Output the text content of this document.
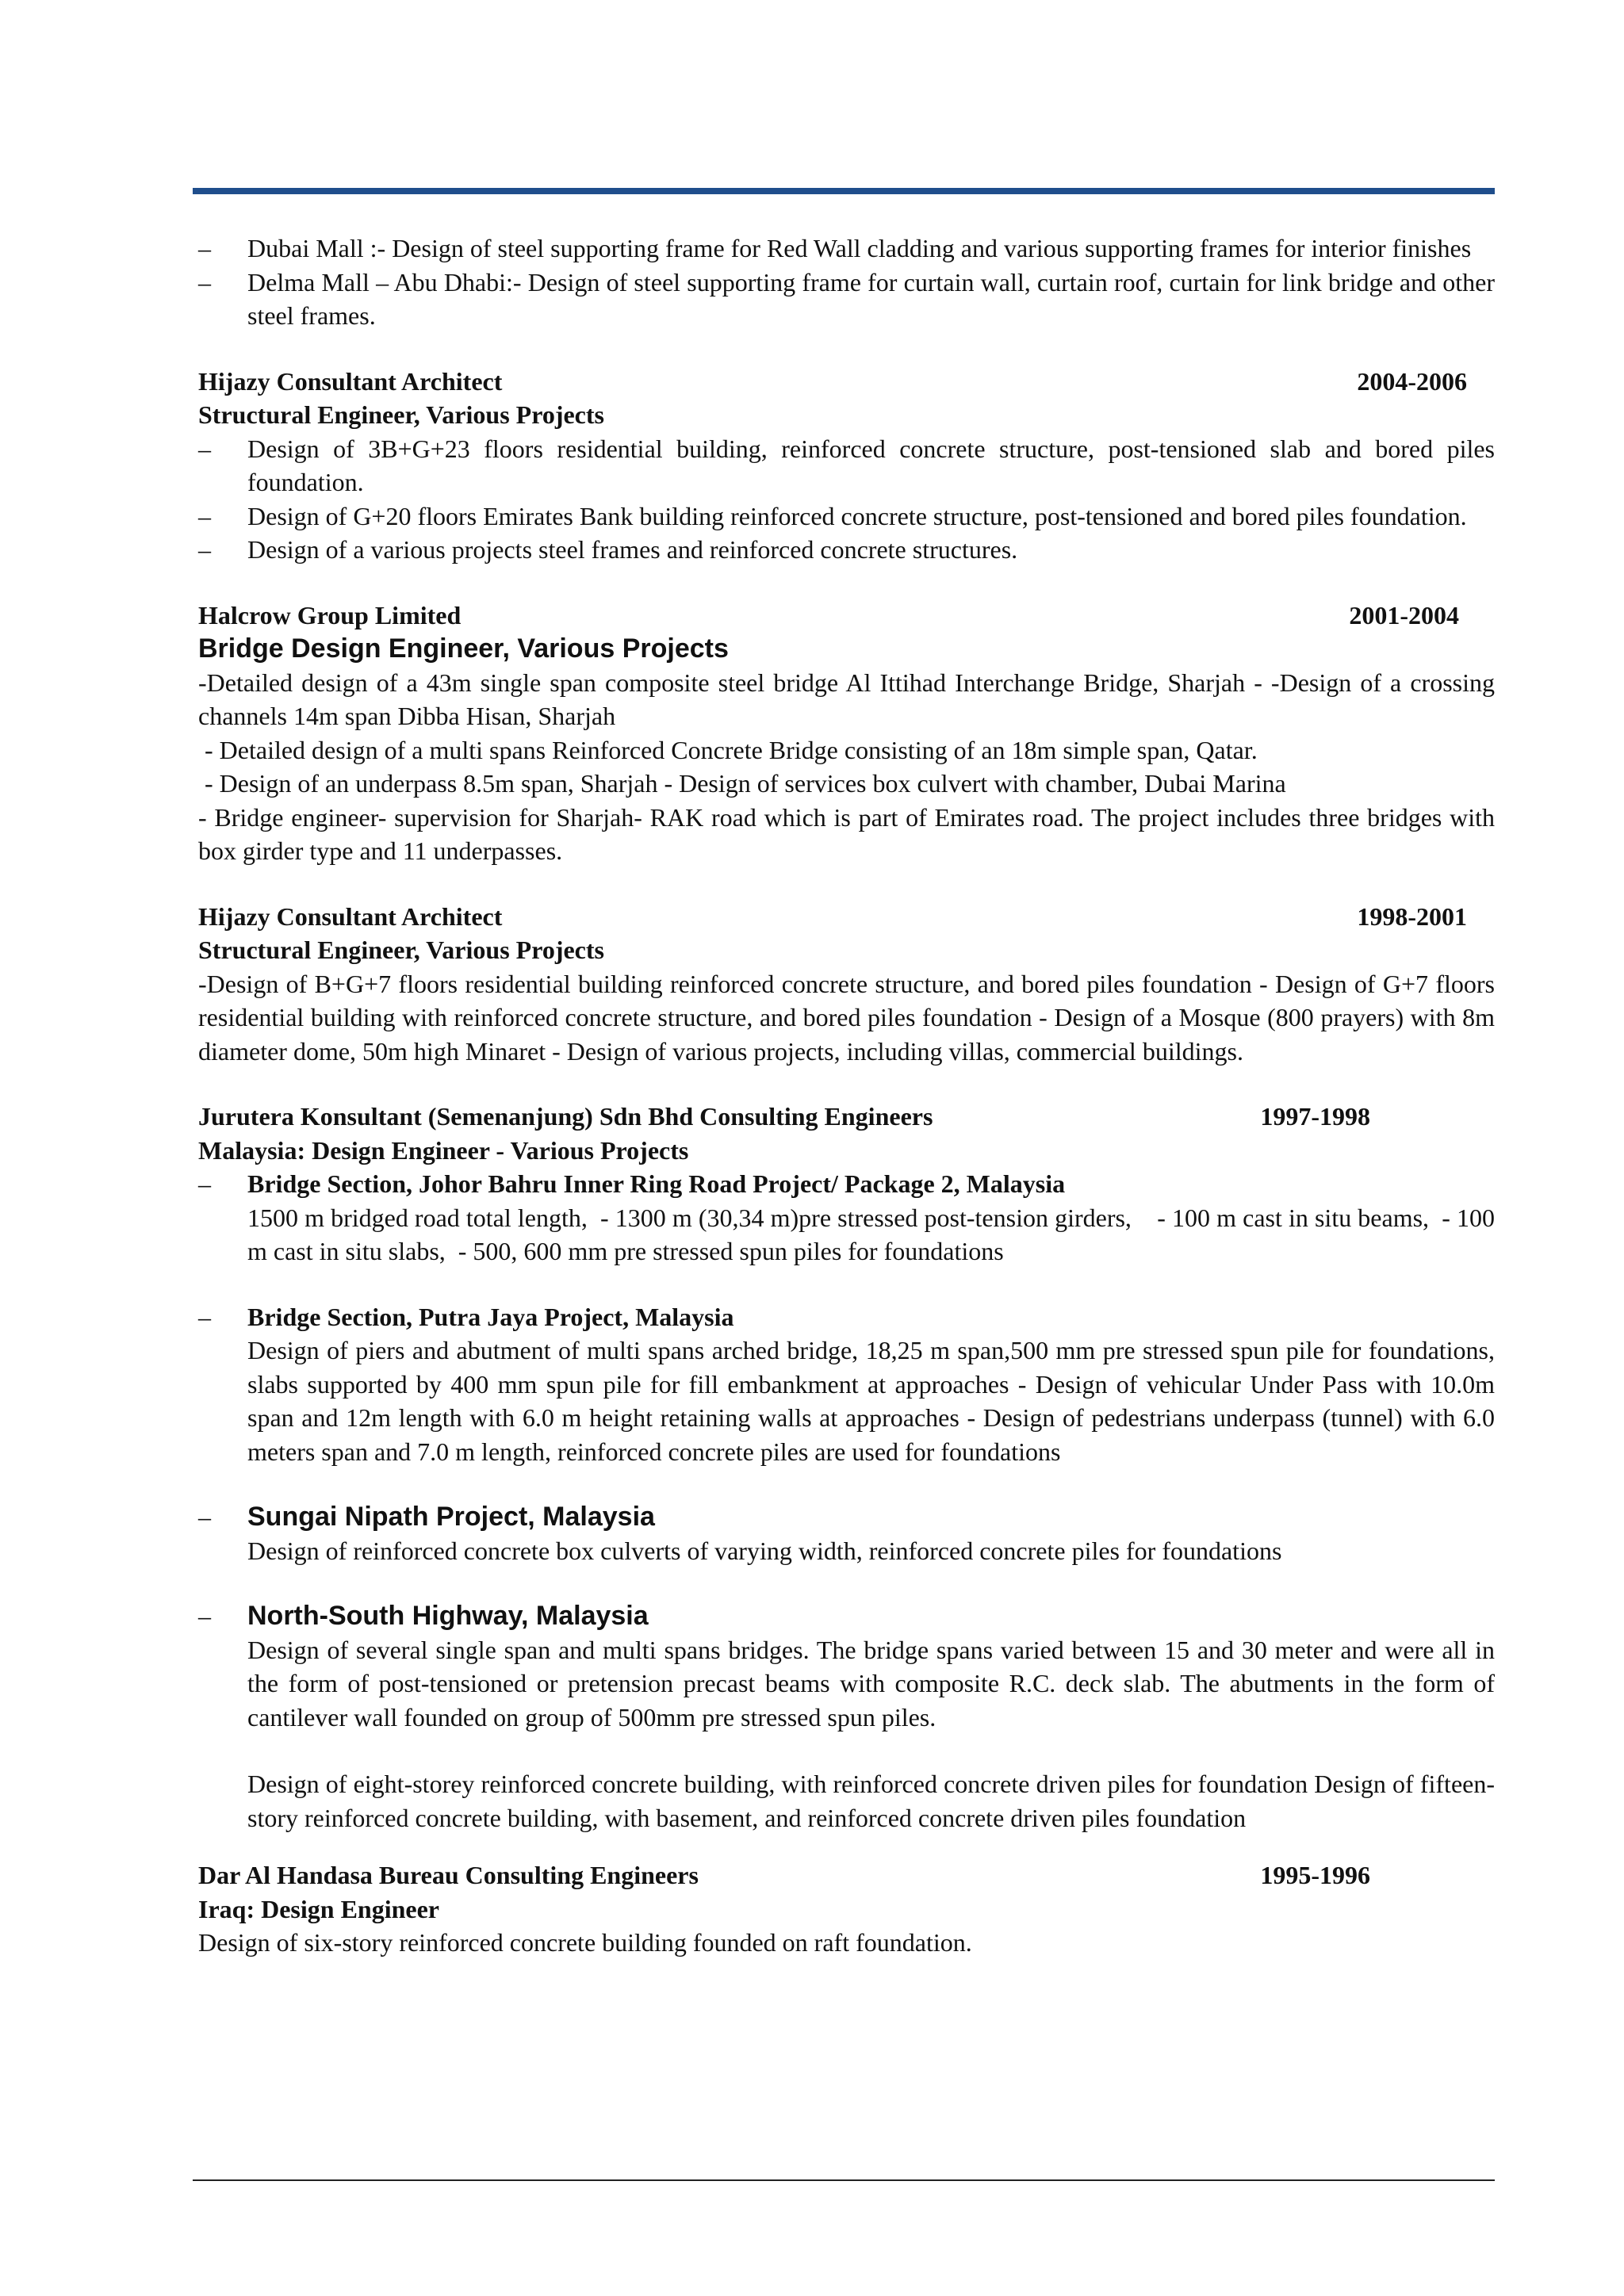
– Dubai Mall :- Design of steel supporting frame for Red Wall cladding and various supporting frames for interior finishes
– Delma Mall – Abu Dhabi:- Design of steel supporting frame for curtain wall, curtain roof, curtain for link bridge and other steel frames.
Hijazy Consultant Architect	2004-2006
Structural Engineer, Various Projects
– Design of 3B+G+23 floors residential building, reinforced concrete structure, post-tensioned slab and bored piles foundation.
– Design of G+20 floors Emirates Bank building reinforced concrete structure, post-tensioned and bored piles foundation.
– Design of a various projects steel frames and reinforced concrete structures.
Halcrow Group Limited	2001-2004
Bridge Design Engineer, Various Projects
-Detailed design of a 43m single span composite steel bridge Al Ittihad Interchange Bridge, Sharjah - -Design of a crossing channels 14m span Dibba Hisan, Sharjah
- Detailed design of a multi spans Reinforced Concrete Bridge consisting of an 18m simple span, Qatar.
- Design of an underpass 8.5m span, Sharjah - Design of services box culvert with chamber, Dubai Marina
- Bridge engineer- supervision for Sharjah- RAK road which is part of Emirates road. The project includes three bridges with box girder type and 11 underpasses.
Hijazy Consultant Architect	1998-2001
Structural Engineer, Various Projects
-Design of B+G+7 floors residential building reinforced concrete structure, and bored piles foundation - Design of G+7 floors residential building with reinforced concrete structure, and bored piles foundation - Design of a Mosque (800 prayers) with 8m diameter dome, 50m high Minaret - Design of various projects, including villas, commercial buildings.
Jurutera Konsultant (Semenanjung) Sdn Bhd Consulting Engineers	1997-1998
Malaysia: Design Engineer - Various Projects
– Bridge Section, Johor Bahru Inner Ring Road Project/ Package 2, Malaysia
1500 m bridged road total length,  - 1300 m (30,34 m)pre stressed post-tension girders,    - 100 m cast in situ beams,  - 100 m cast in situ slabs,  - 500, 600 mm pre stressed spun piles for foundations
– Bridge Section, Putra Jaya Project, Malaysia
Design of piers and abutment of multi spans arched bridge, 18,25 m span,500 mm pre stressed spun pile for foundations, slabs supported by 400 mm spun pile for fill embankment at approaches - Design of vehicular Under Pass with 10.0m span and 12m length with 6.0 m height retaining walls at approaches - Design of pedestrians underpass (tunnel) with 6.0 meters span and 7.0 m length, reinforced concrete piles are used for foundations
– Sungai Nipath Project, Malaysia
Design of reinforced concrete box culverts of varying width, reinforced concrete piles for foundations
– North-South Highway, Malaysia
Design of several single span and multi spans bridges. The bridge spans varied between 15 and 30 meter and were all in the form of post-tensioned or pretension precast beams with composite R.C. deck slab. The abutments in the form of cantilever wall founded on group of 500mm pre stressed spun piles.
Design of eight-storey reinforced concrete building, with reinforced concrete driven piles for foundation Design of fifteen-story reinforced concrete building, with basement, and reinforced concrete driven piles foundation
Dar Al Handasa Bureau Consulting Engineers	1995-1996
Iraq: Design Engineer
Design of six-story reinforced concrete building founded on raft foundation.
